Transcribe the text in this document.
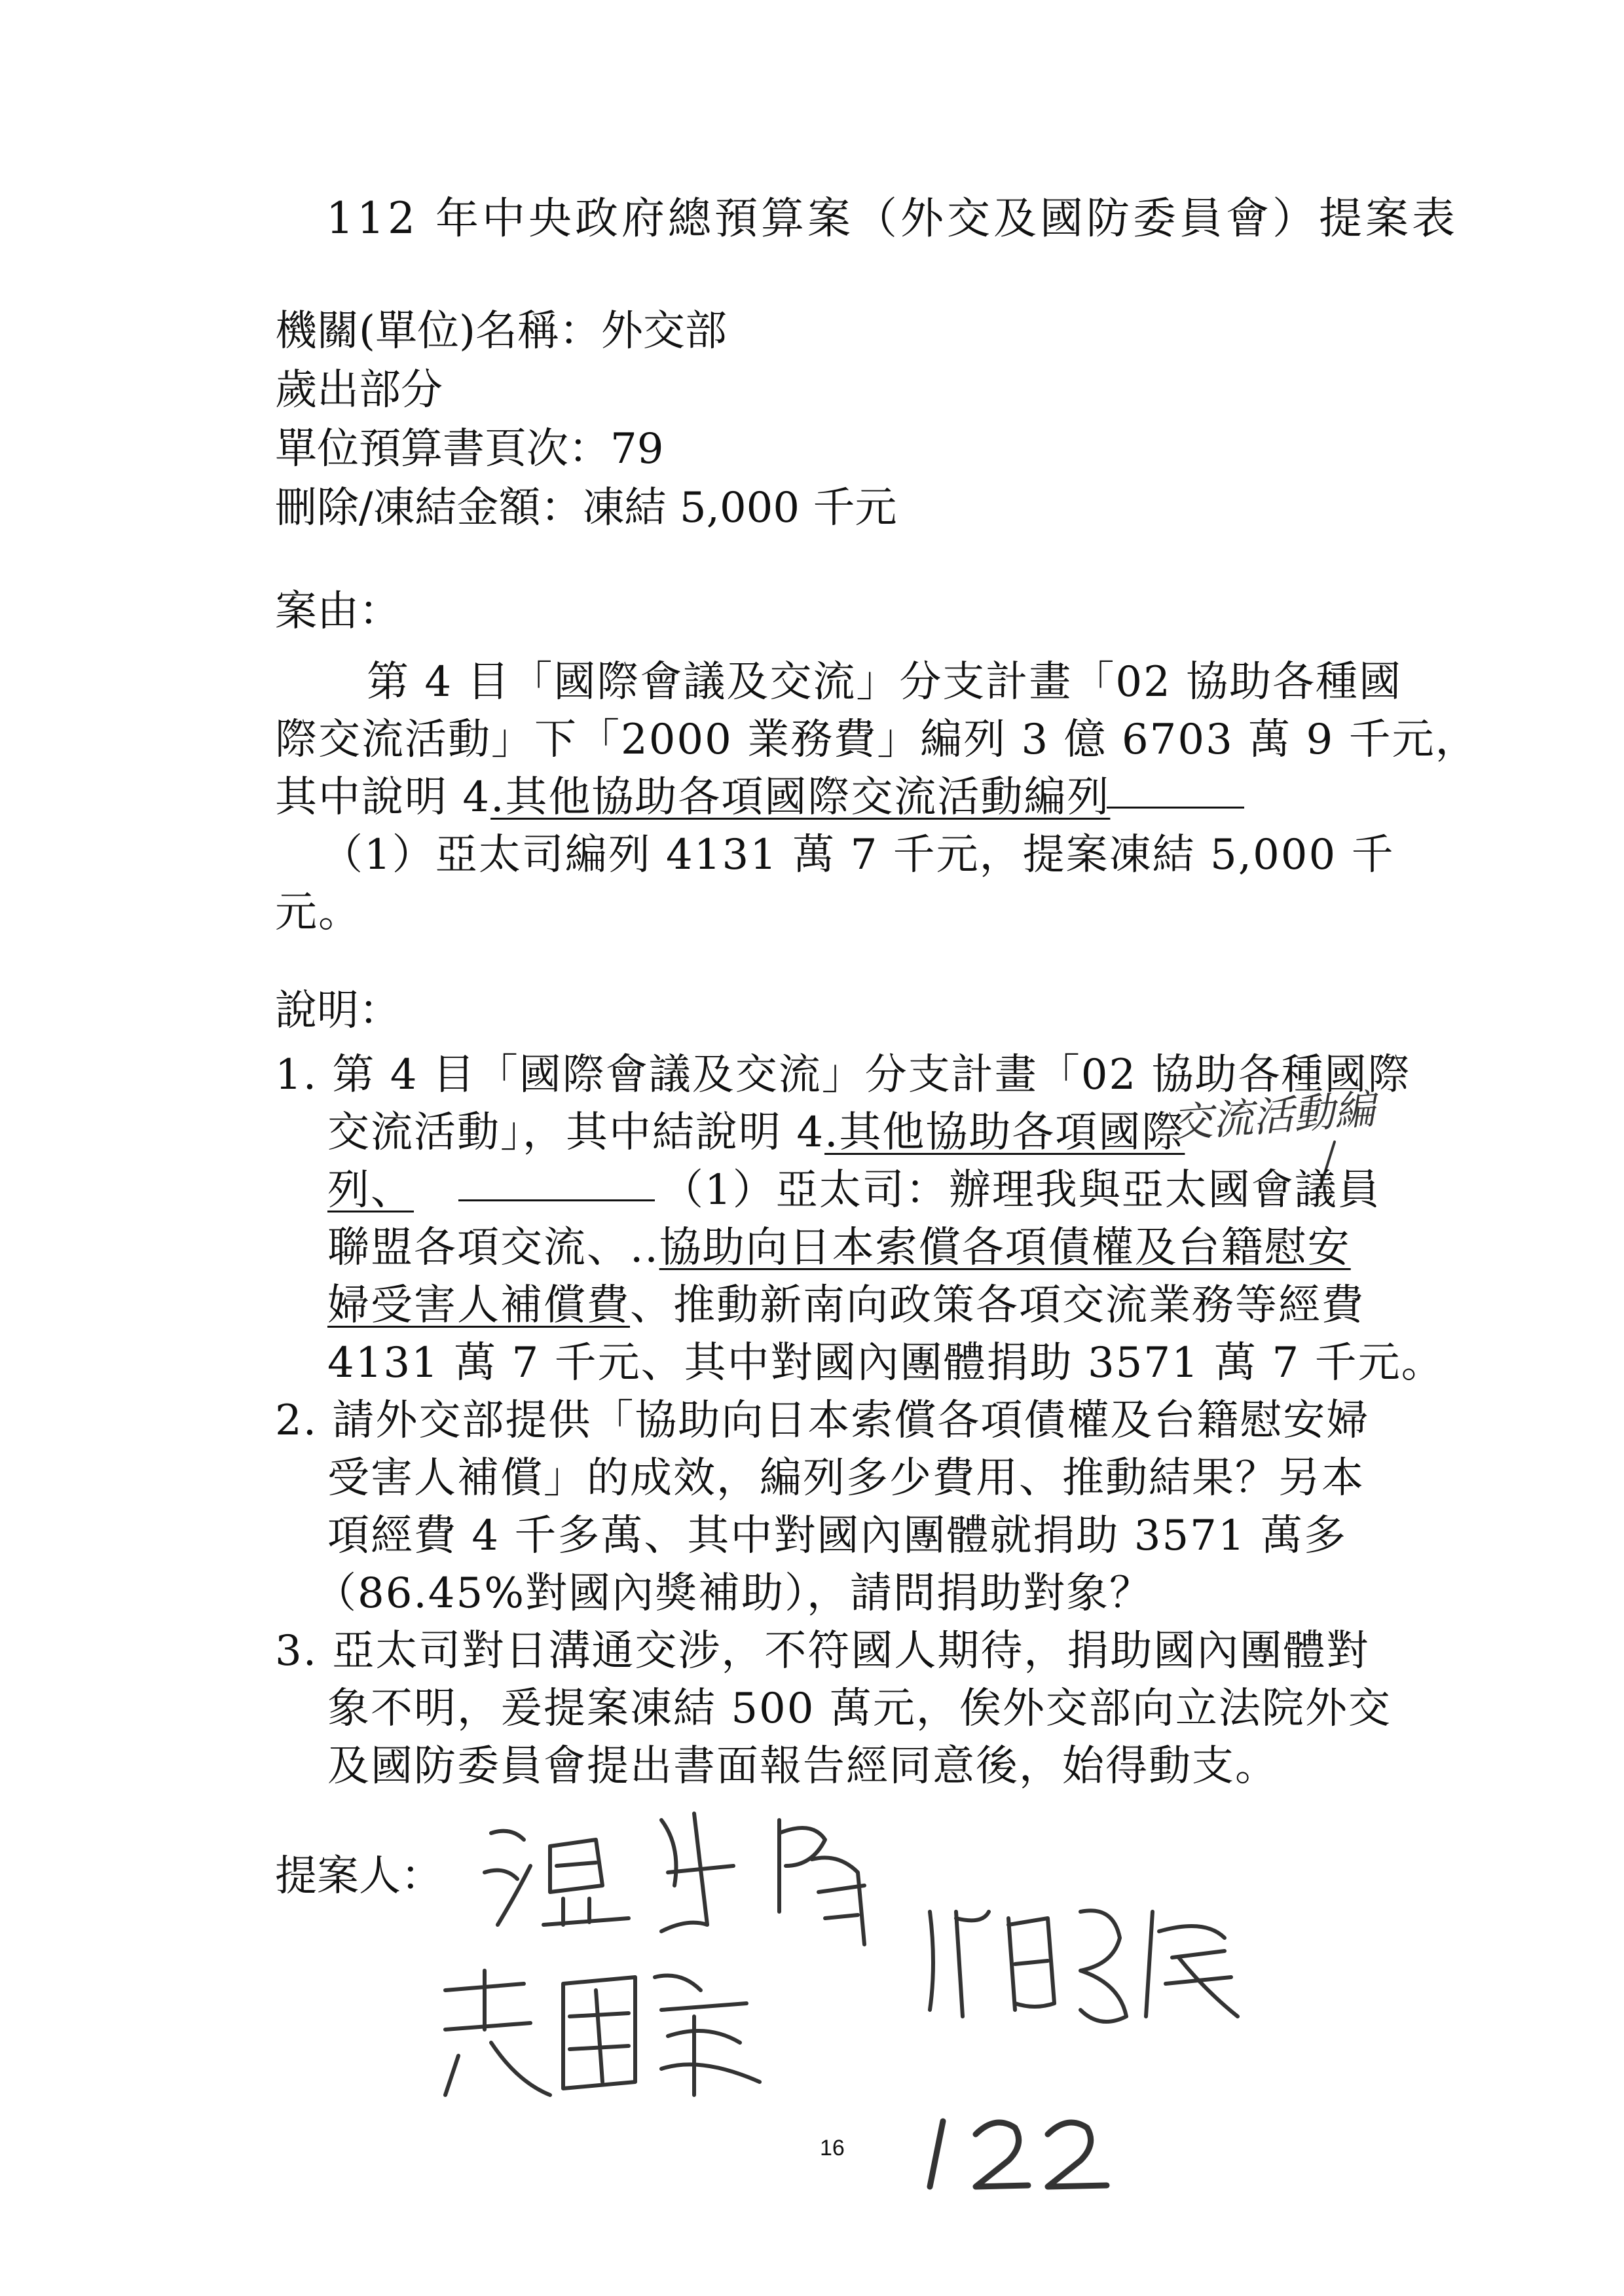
112 年中央政府總預算案（外交及國防委員會）提案表
機關(單位)名稱：外交部
歲出部分
單位預算書頁次：79
刪除/凍結金額：凍結 5,000 千元
案由：
第 4 目「國際會議及交流」分支計畫「02 協助各種國
際交流活動」下「2000 業務費」編列 3 億 6703 萬 9 千元，
其中說明 4.其他協助各項國際交流活動編列
（1）亞太司編列 4131 萬 7 千元，提案凍結 5,000 千
元。
說明：
1. 第 4 目「國際會議及交流」分支計畫「02 協助各種國際
交流活動」，其中結說明 4.其他協助各項國際
交流活動編
列、	（1）亞太司：辦理我與亞太國會議員
聯盟各項交流、..協助向日本索償各項債權及台籍慰安
婦受害人補償費、推動新南向政策各項交流業務等經費
4131 萬 7 千元、其中對國內團體捐助 3571 萬 7 千元。
2. 請外交部提供「協助向日本索償各項債權及台籍慰安婦
受害人補償」的成效，編列多少費用、推動結果？另本
項經費 4 千多萬、其中對國內團體就捐助 3571 萬多
（86.45%對國內獎補助），請問捐助對象？
3. 亞太司對日溝通交涉，不符國人期待，捐助國內團體對
象不明，爰提案凍結 500 萬元，俟外交部向立法院外交
及國防委員會提出書面報告經同意後，始得動支。
提案人：
16
